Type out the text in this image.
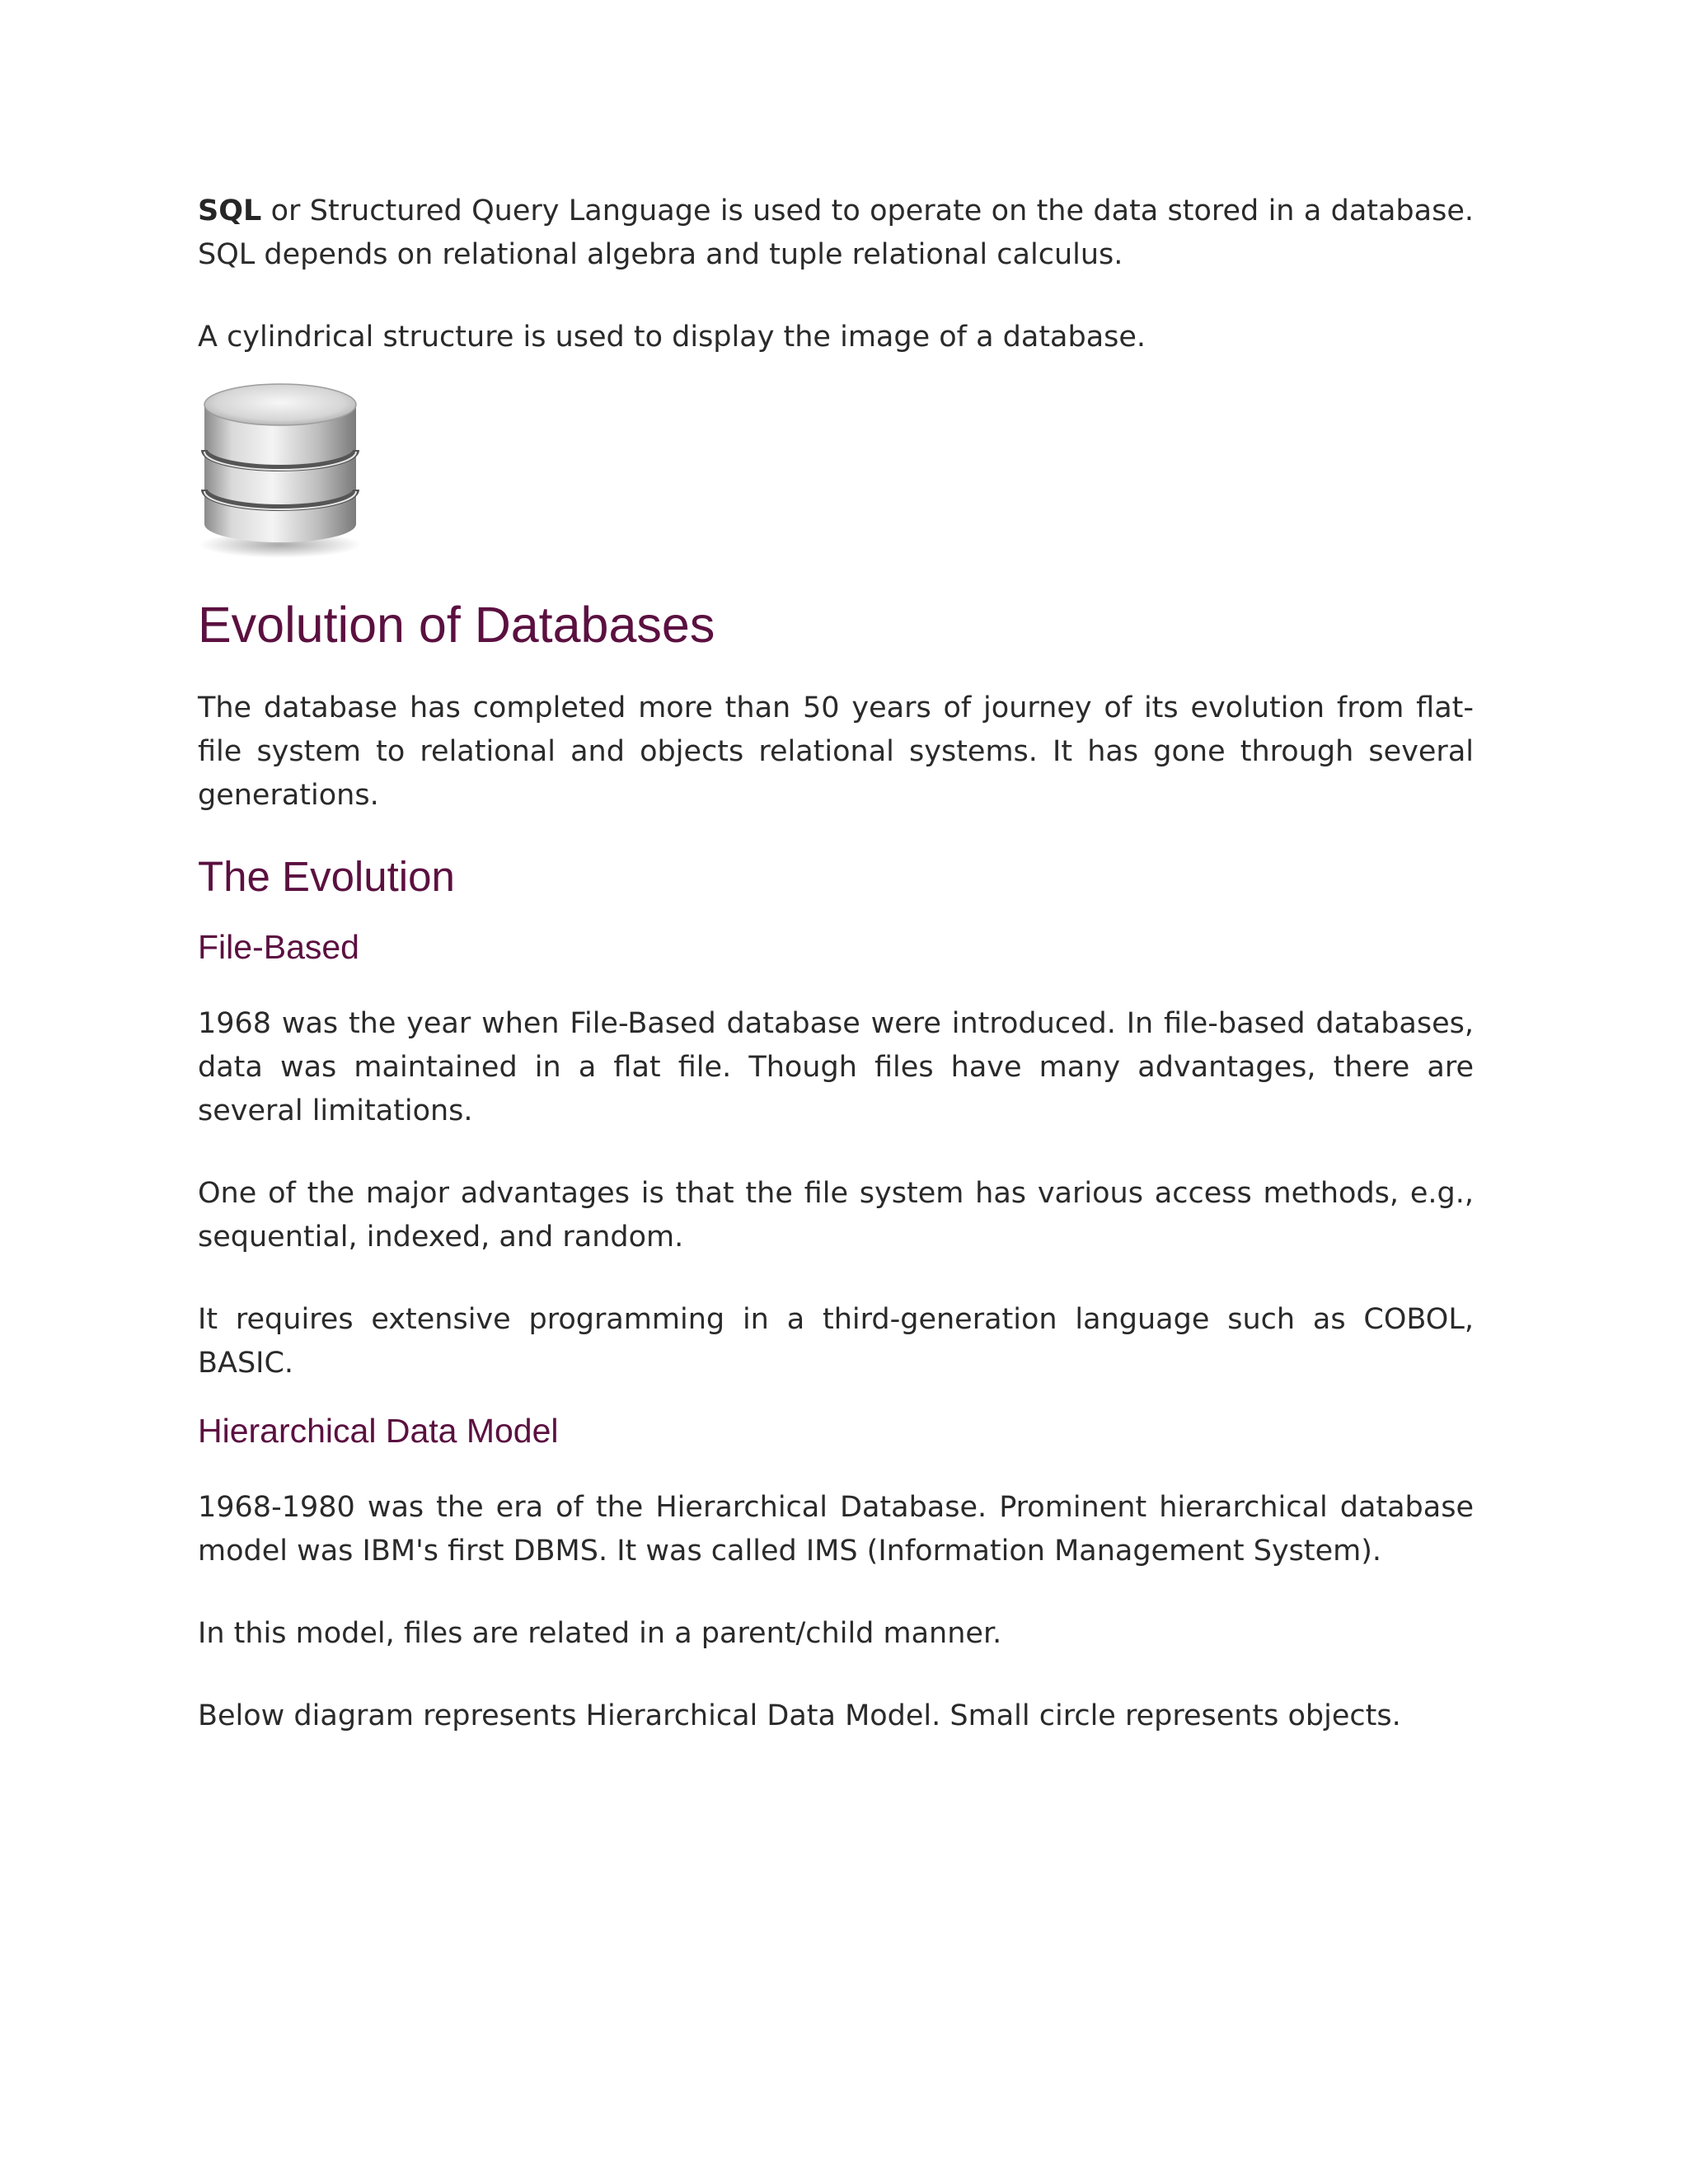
SQL or Structured Query Language is used to operate on the data stored in a database. SQL depends on relational algebra and tuple relational calculus.

A cylindrical structure is used to display the image of a database.

Evolution of Databases

The database has completed more than 50 years of journey of its evolution from flat-file system to relational and objects relational systems. It has gone through several generations.

The Evolution
File-Based

1968 was the year when File-Based database were introduced. In file-based databases, data was maintained in a flat file. Though files have many advantages, there are several limitations.

One of the major advantages is that the file system has various access methods, e.g., sequential, indexed, and random.

It requires extensive programming in a third-generation language such as COBOL, BASIC.

Hierarchical Data Model

1968-1980 was the era of the Hierarchical Database. Prominent hierarchical database model was IBM's first DBMS. It was called IMS (Information Management System).

In this model, files are related in a parent/child manner.

Below diagram represents Hierarchical Data Model. Small circle represents objects.
